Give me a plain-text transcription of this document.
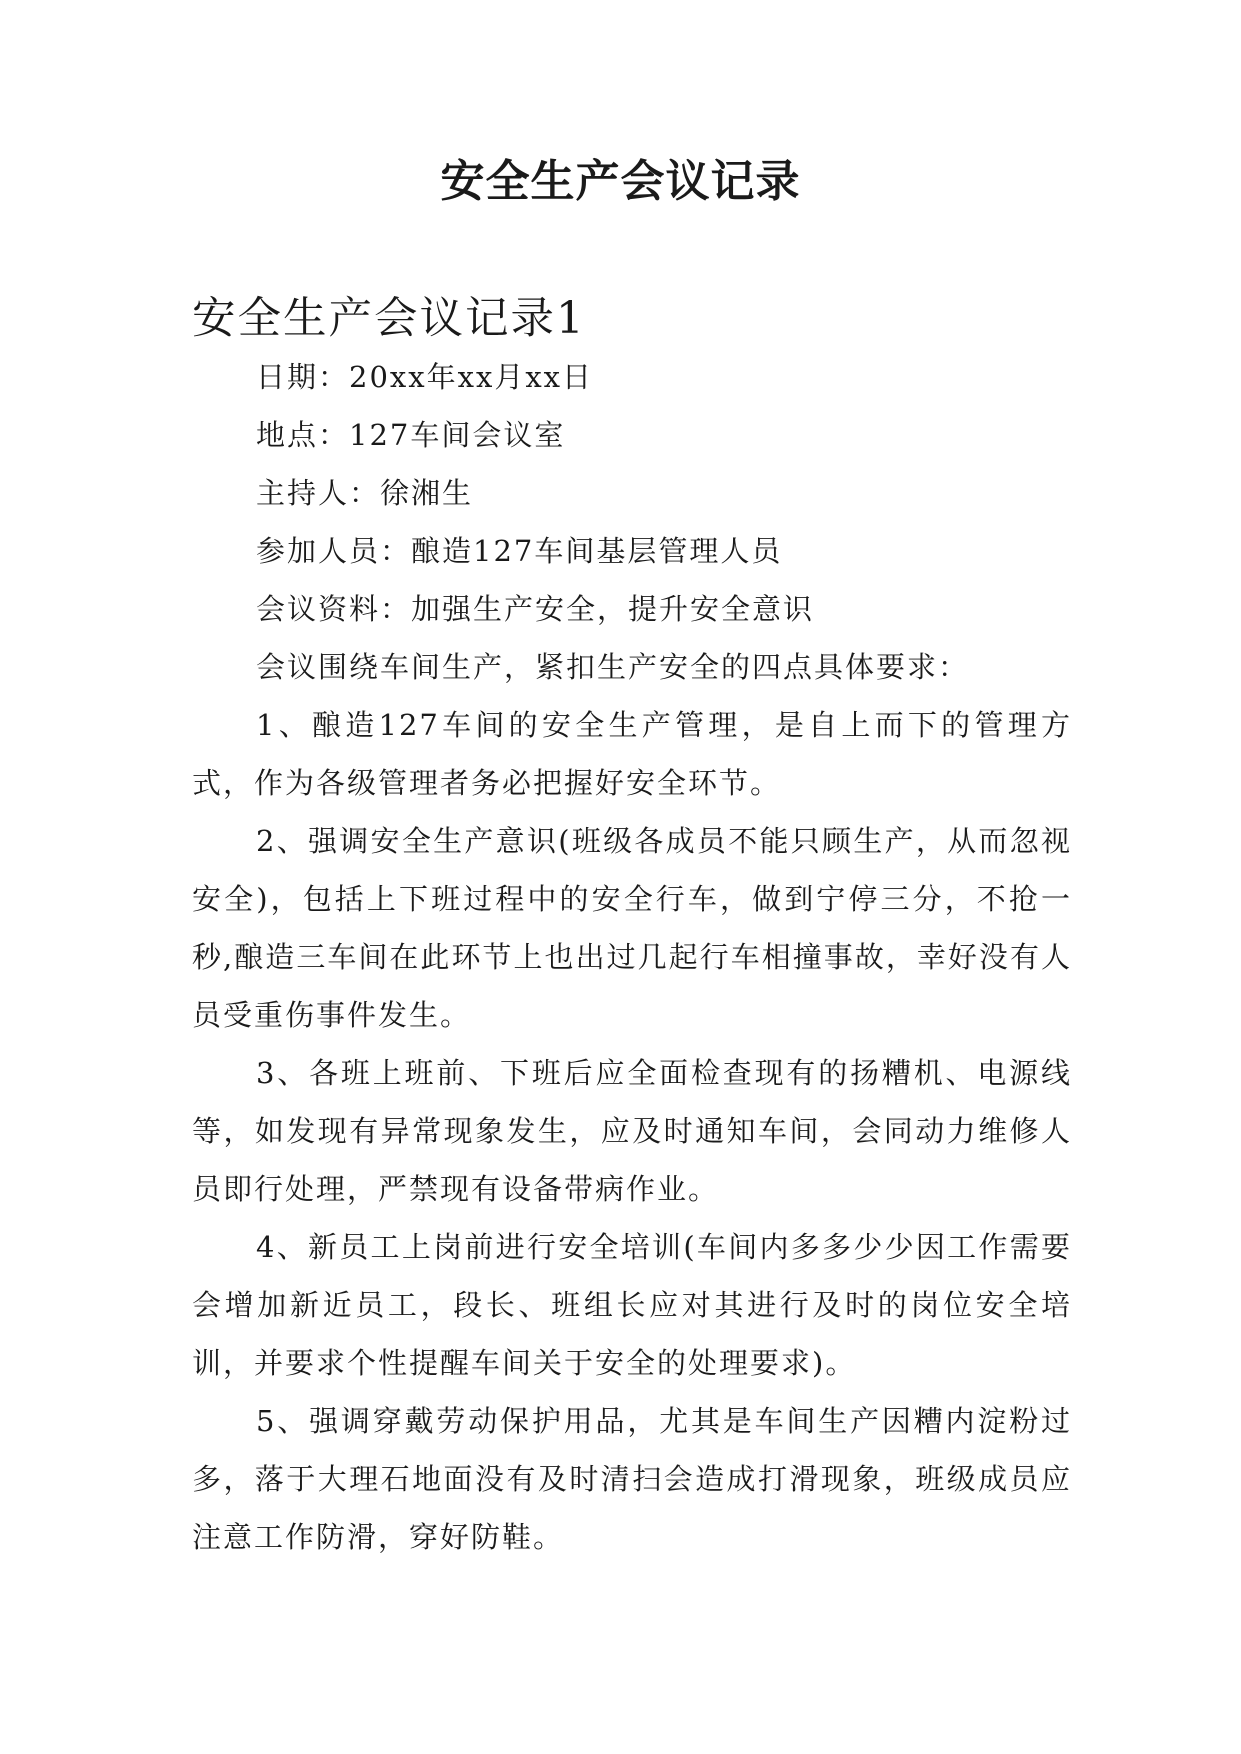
安全生产会议记录
安全生产会议记录1

日期：20xx年xx月xx日

地点：127车间会议室

主持人：徐湘生

参加人员：酿造127车间基层管理人员

会议资料：加强生产安全，提升安全意识

会议围绕车间生产，紧扣生产安全的四点具体要求：

1、酿造127车间的安全生产管理，是自上而下的管理方式，作为各级管理者务必把握好安全环节。

2、强调安全生产意识(班级各成员不能只顾生产，从而忽视安全)，包括上下班过程中的安全行车，做到宁停三分，不抢一秒,酿造三车间在此环节上也出过几起行车相撞事故，幸好没有人员受重伤事件发生。

3、各班上班前、下班后应全面检查现有的扬糟机、电源线等，如发现有异常现象发生，应及时通知车间，会同动力维修人员即行处理，严禁现有设备带病作业。

4、新员工上岗前进行安全培训(车间内多多少少因工作需要会增加新近员工，段长、班组长应对其进行及时的岗位安全培训，并要求个性提醒车间关于安全的处理要求)。

5、强调穿戴劳动保护用品，尤其是车间生产因糟内淀粉过多，落于大理石地面没有及时清扫会造成打滑现象，班级成员应注意工作防滑，穿好防鞋。
